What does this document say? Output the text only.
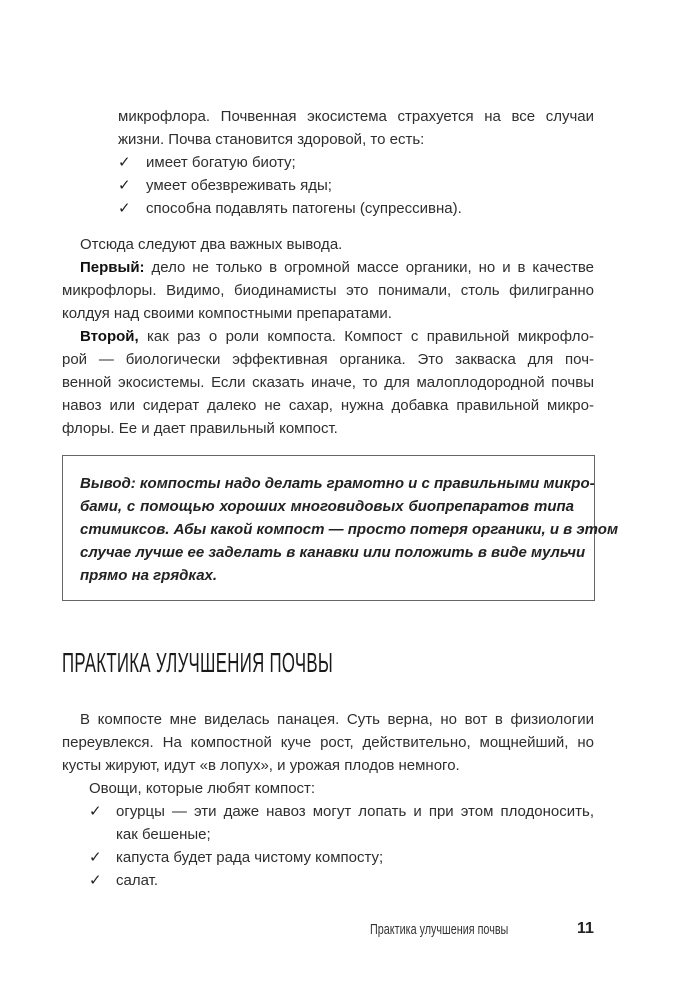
микрофлора. Почвенная экосистема страхуется на все случаи
жизни. Почва становится здоровой, то есть:
✓ имеет богатую биоту;
✓ умеет обезвреживать яды;
✓ способна подавлять патогены (супрессивна).
Отсюда следуют два важных вывода.
Первый: дело не только в огромной массе органики, но и в качестве
микрофлоры. Видимо, биодинамисты это понимали, столь филигранно
колдуя над своими компостными препаратами.
Второй, как раз о роли компоста. Компост с правильной микрофло-
рой — биологически эффективная органика. Это закваска для поч-
венной экосистемы. Если сказать иначе, то для малоплодородной почвы
навоз или сидерат далеко не сахар, нужна добавка правильной микро-
флоры. Ее и дает правильный компост.
Вывод: компосты надо делать грамотно и с правильными микро-
бами, с помощью хороших многовидовых биопрепаратов типа
стимиксов. Абы какой компост — просто потеря органики, и в этом
случае лучше ее заделать в канавки или положить в виде мульчи
прямо на грядках.
ПРАКТИКА УЛУЧШЕНИЯ ПОЧВЫ
В компосте мне виделась панацея. Суть верна, но вот в физиологии
переувлекся. На компостной куче рост, действительно, мощнейший, но
кусты жируют, идут «в лопух», и урожая плодов немного.
Овощи, которые любят компост:
✓ огурцы — эти даже навоз могут лопать и при этом плодоносить,
как бешеные;
✓ капуста будет рада чистому компосту;
✓ салат.
Практика улучшения почвы	11
